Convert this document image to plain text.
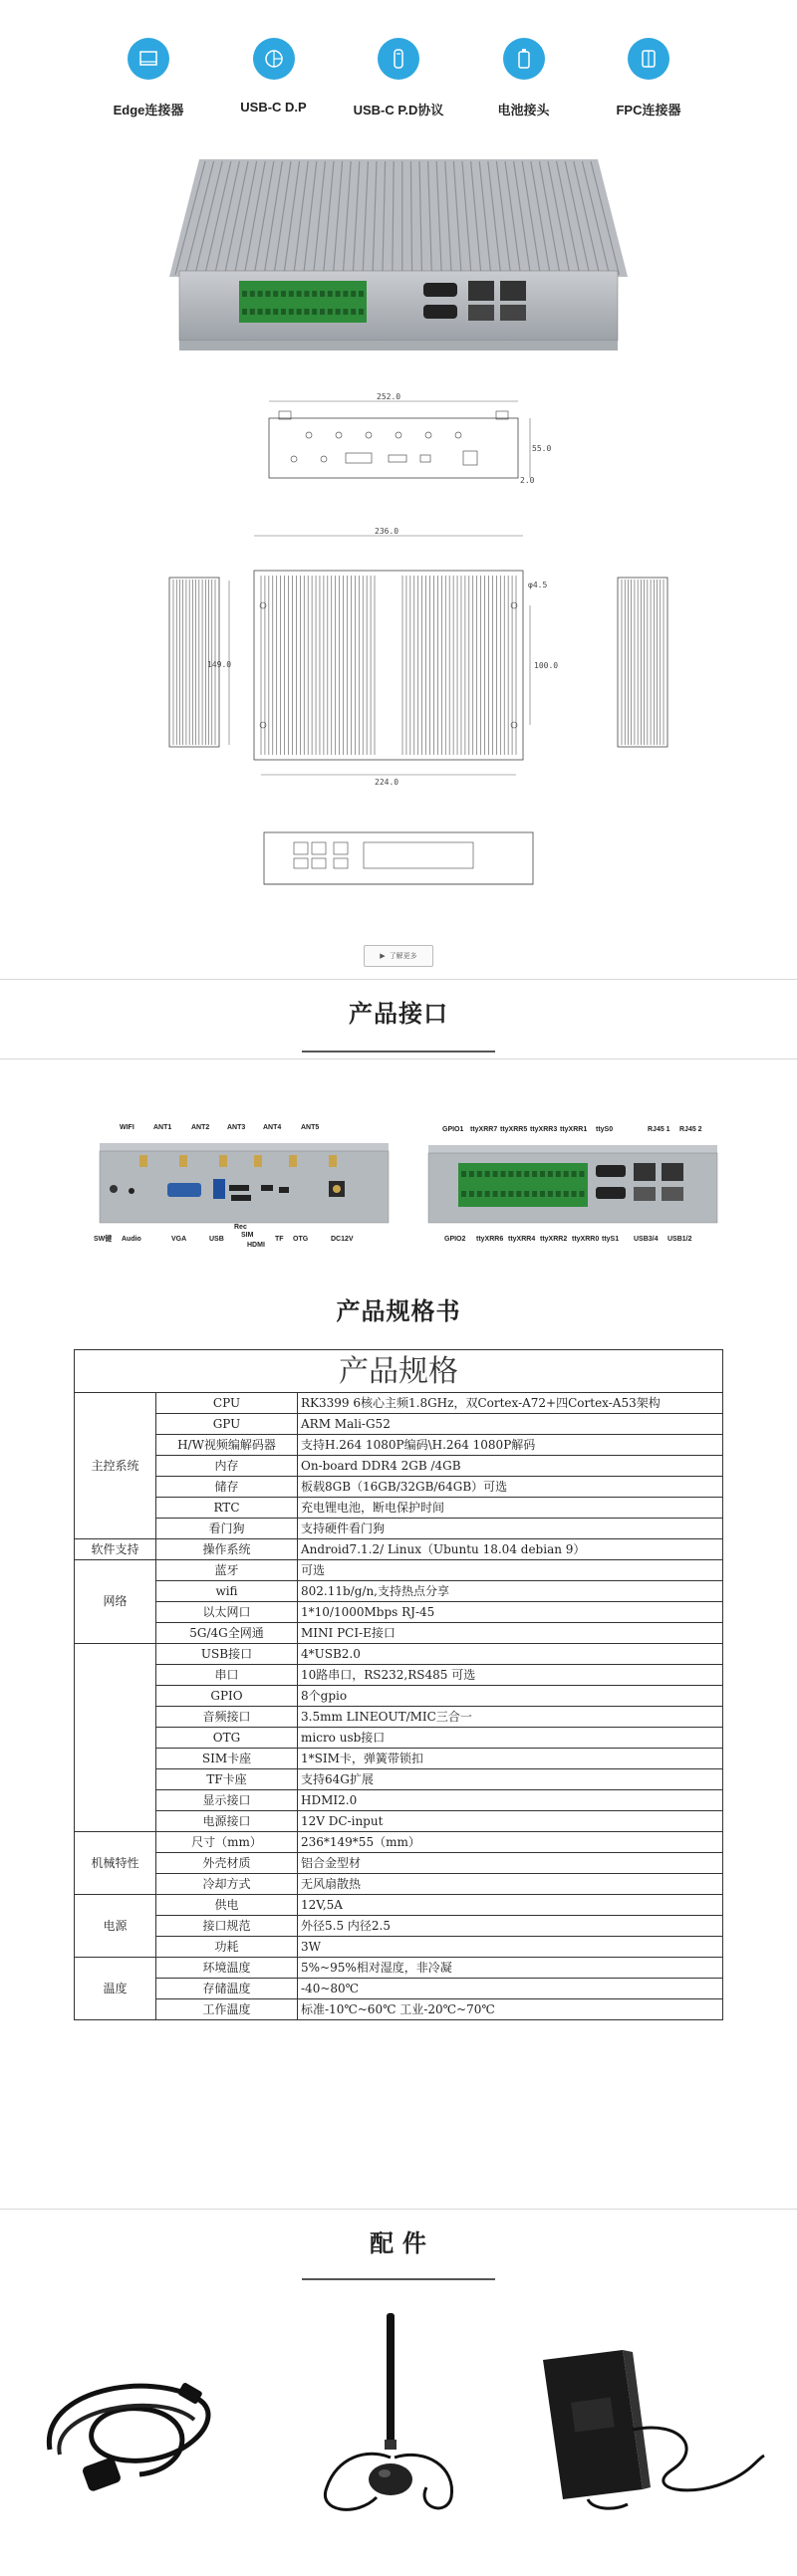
Edge连接器	USB-C D.P	USB-C P.D协议	电池接头	FPC连接器
252.0
55.0
2.0
236.0
149.0
φ4.5
100.0
224.0
▶ 了解更多
产品接口
WIFI	ANT1	ANT2	ANT3	ANT4	ANT5
SW键 Audio	VGA	USB
Rec
SIM
HDMI
TF OTG	DC12V
GPIO1 ttyXRR7 ttyXRR5 ttyXRR3 ttyXRR1 ttyS0	RJ45 1 RJ45 2
GPIO2 ttyXRR6 ttyXRR4 ttyXRR2 ttyXRR0 ttyS1 USB3/4 USB1/2
产品规格书
产品规格		
主控系统	CPU	RK3399 6核心主频1.8GHz，双Cortex-A72+四Cortex-A53架构
	GPU	ARM Mali-G52
	H/W视频编解码器	支持H.264 1080P编码\H.264 1080P解码
	内存	On-board DDR4 2GB /4GB
	储存	板载8GB（16GB/32GB/64GB）可选
	RTC	充电锂电池，断电保护时间
	看门狗	支持硬件看门狗
软件支持	操作系统	Android7.1.2/ Linux（Ubuntu 18.04 debian 9）
网络	蓝牙	可选
	wifi	802.11b/g/n,支持热点分享
	以太网口	1*10/1000Mbps RJ-45
	5G/4G全网通	MINI PCI-E接口
	USB接口	4*USB2.0
	串口	10路串口，RS232,RS485 可选
	GPIO	8个gpio
	音频接口	3.5mm LINEOUT/MIC三合一
	OTG	micro usb接口
	SIM卡座	1*SIM卡，弹簧带锁扣
	TF卡座	支持64G扩展
	显示接口	HDMI2.0
	电源接口	12V DC-input
机械特性	尺寸（mm）	236*149*55（mm）
	外壳材质	铝合金型材
	冷却方式	无风扇散热
电源	供电	12V,5A
	接口规范	外径5.5 内径2.5
	功耗	3W
温度	环境温度	5%~95%相对湿度，非冷凝
	存储温度	-40~80℃
	工作温度	标准-10℃~60℃ 工业-20℃~70℃
配 件
